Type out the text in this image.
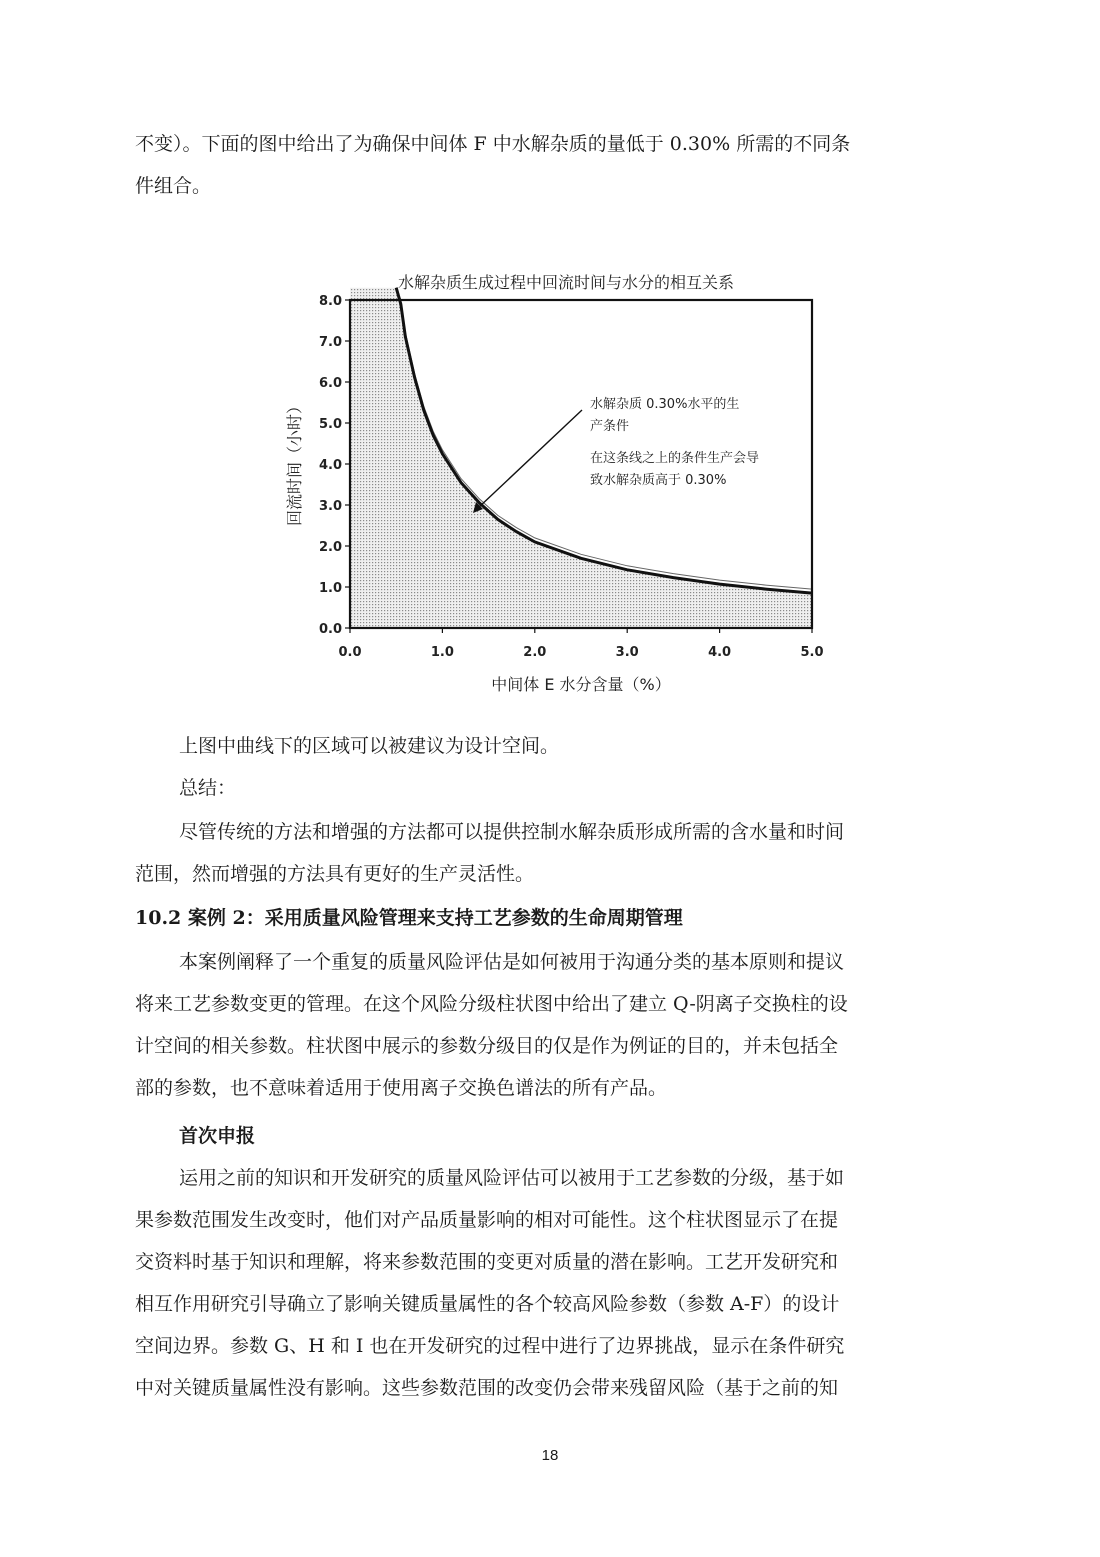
不变）。下面的图中给出了为确保中间体 F 中水解杂质的量低于 0.30% 所需的不同条
件组合。
0.0
1.0
2.0
3.0
4.0
5.0
6.0
7.0
8.0
0.0	1.0	2.0	3.0	4.0	5.0
水解杂质生成过程中回流时间与水分的相互关系
中间体 E 水分含量（%）
回流时间（小时）	水解杂质 0.30%水平的生
产条件
在这条线之上的条件生产会导
致水解杂质高于 0.30%
上图中曲线下的区域可以被建议为设计空间。
总结：
尽管传统的方法和增强的方法都可以提供控制水解杂质形成所需的含水量和时间
范围，然而增强的方法具有更好的生产灵活性。
10.2 案例 2：采用质量风险管理来支持工艺参数的生命周期管理
本案例阐释了一个重复的质量风险评估是如何被用于沟通分类的基本原则和提议
将来工艺参数变更的管理。在这个风险分级柱状图中给出了建立 Q-阴离子交换柱的设
计空间的相关参数。柱状图中展示的参数分级目的仅是作为例证的目的，并未包括全
部的参数，也不意味着适用于使用离子交换色谱法的所有产品。
首次申报
运用之前的知识和开发研究的质量风险评估可以被用于工艺参数的分级，基于如
果参数范围发生改变时，他们对产品质量影响的相对可能性。这个柱状图显示了在提
交资料时基于知识和理解，将来参数范围的变更对质量的潜在影响。工艺开发研究和
相互作用研究引导确立了影响关键质量属性的各个较高风险参数（参数 A-F）的设计
空间边界。参数 G、H 和 I 也在开发研究的过程中进行了边界挑战，显示在条件研究
中对关键质量属性没有影响。这些参数范围的改变仍会带来残留风险（基于之前的知
18
